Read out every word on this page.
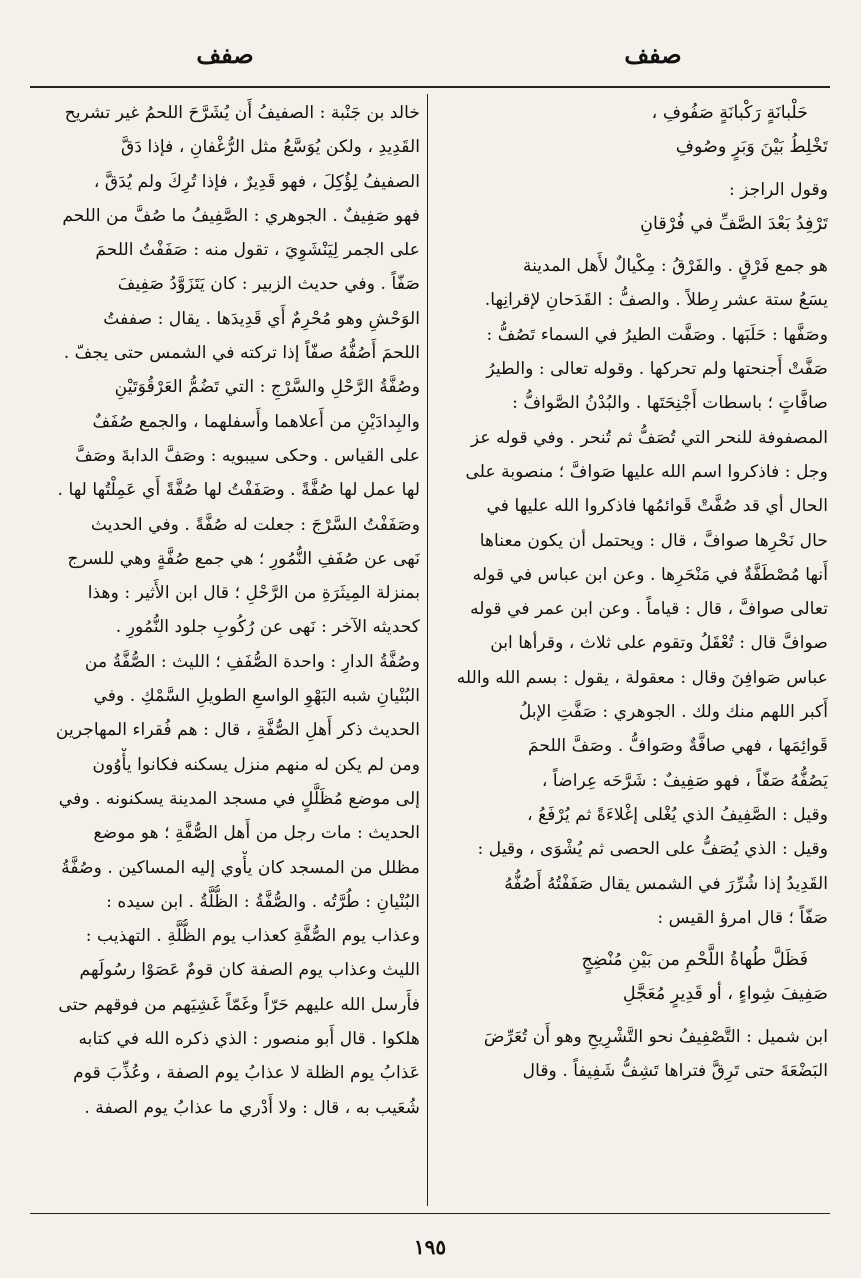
صفف
صفف
حَلْبانَةٍ رَكْبانَةٍ صَفُوفِ ،
تَخْلِطُ بَيْنَ وَبَرٍ وصُوفِ
وقول الراجز :
تَرْفِدُ بَعْدَ الصَّفِّ في فُرْقانِ
هو جمع فَرْقٍ . والفَرْقُ : مِكْيالٌ لأَهل المدينة
يسَعُ ستة عشر رِطلاً . والصفُّ : القَدَحانِ لإقرانِها.
وصَفَّها : حَلَبَها . وصَفَّت الطيرُ في السماء تَصُفُّ :
صَفَّتْ أَجنحتها ولم تحركها . وقوله تعالى : والطيرُ
صافَّاتٍ ؛ باسطات أَجْنِحَتَها . والبُدْنُ الصَّوافُّ :
المصفوفة للنحر التي تُصَفُّ ثم تُنحر . وفي قوله عز
وجل : فاذكروا اسم الله عليها صَوافَّ ؛ منصوبة على
الحال أي قد صُفَّتْ قَوائمُها فاذكروا الله عليها في
حال نَحْرِها صوافَّ ، قال : ويحتمل أن يكون معناها
أَنها مُصْطَفَّةٌ في مَنْحَرِها . وعن ابن عباس في قوله
تعالى صوافَّ ، قال : قياماً . وعن ابن عمر في قوله
صوافَّ قال : تُعْقَلُ وتقوم على ثلاث ، وقرأها ابن
عباس صَوافِنَ وقال : معقولة ، يقول : بسم الله والله
أَكبر اللهم منك ولك . الجوهري : صَفَّتِ الإبلُ
قَوائِمَها ، فهي صافَّةٌ وصَوافُّ . وصَفَّ اللحمَ
يَصُفُّهُ صَفّاً ، فهو صَفِيفٌ : شَرَّحَه عِراضاً ،
وقيل : الصَّفِيفُ الذي يُغْلى إغْلاءَةً ثم يُرْفَعُ ،
وقيل : الذي يُصَفُّ على الحصى ثم يُشْوَى ، وقيل :
القَدِيدُ إذا شُرِّرَ في الشمس يقال صَفَفْتُهُ أَصُفُّهُ
صَفّاً ؛ قال امرؤ القيس :
فَظَلَّ طُهاةُ اللَّحْمِ من بَيْنِ مُنْضِجٍ
صَفِيفَ شِواءٍ ، أو قَدِيرٍ مُعَجَّلِ
ابن شميل : التَّصْفِيفُ نحو التَّشْرِيحِ وهو أَن تُعَرِّضَ
البَضْعَةَ حتى تَرِقَّ فتراها تَشِفُّ شَفِيفاً . وقال
خالد بن جَنْبة : الصفيفُ أَن يُشَرَّحَ اللحمُ غير تشريح
القَدِيدِ ، ولكن يُوَسَّعُ مثل الرُّغْفانِ ، فإذا دَقَّ
الصفيفُ لِؤُكِلَ ، فهو قَدِيرٌ ، فإذا تُرِكَ ولم يُدَقَّ ،
فهو صَفِيفٌ . الجوهري : الصَّفِيفُ ما صُفَّ من اللحم
على الجمر لِيَنْشَوِيَ ، تقول منه : صَفَفْتُ اللحمَ
صَفّاً . وفي حديث الزبير : كان يَتَزَوَّدُ صَفِيفَ
الوَحْشِ وهو مُحْرِمٌ أَي قَدِيدَها . يقال : صففتُ
اللحمَ أَصُفُّهُ صفّاً إذا تركته في الشمس حتى يجفّ .
وصُفَّةُ الرَّحْلِ والسَّرْجِ : التي تَضُمُّ العَرْقُوَتَيْنِ
والبِدادَيْنِ من أَعلاهما وأَسفلهما ، والجمع صُفَفٌ
على القياس . وحكى سيبويه : وصَفَّ الدابةَ وصَفَّ
لها عمل لها صُفَّةً . وصَفَفْتُ لها صُفَّةً أَي عَمِلْتُها لها .
وصَفَفْتُ السَّرْجَ : جعلت له صُفَّةً . وفي الحديث
نَهى عن صُفَفِ النُّمُورِ ؛ هي جمع صُفَّةٍ وهي للسرج
بمنزلة المِيثَرَةِ من الرَّحْلِ ؛ قال ابن الأَثير : وهذا
كحديثه الآخر : نَهى عن رُكُوبِ جلود النُّمُورِ .
وصُفَّةُ الدارِ : واحدة الصُّفَفِ ؛ الليث : الصُّفَّةُ من
البُنْيانِ شبه البَهْوِ الواسعِ الطويلِ السَّمْكِ . وفي
الحديث ذكر أَهلِ الصُّفَّةِ ، قال : هم فُقراء المهاجرين
ومن لم يكن له منهم منزل يسكنه فكانوا يأْوُون
إلى موضع مُظَلَّلٍ في مسجد المدينة يسكنونه . وفي
الحديث : مات رجل من أَهل الصُّفَّةِ ؛ هو موضع
مظلل من المسجد كان يأْوي إليه المساكين . وصُفَّةُ
البُنْيانِ : طُرَّتُه . والصُّفَّةُ : الظُّلَّةُ . ابن سيده :
وعذاب يوم الصُّفَّةِ كعذاب يوم الظُّلَّةِ . التهذيب :
الليث وعذاب يوم الصفة كان قومٌ عَصَوْا رسُولَهم
فأَرسل الله عليهم حَرّاً وغَمّاً غَشِيَهم من فوقهم حتى
هلكوا . قال أَبو منصور : الذي ذكره الله في كتابه
عَذابُ يوم الظلة لا عذابُ يوم الصفة ، وعُذِّبَ قوم
شُعَيب به ، قال : ولا أَدْري ما عذابُ يوم الصفة .
١٩٥
